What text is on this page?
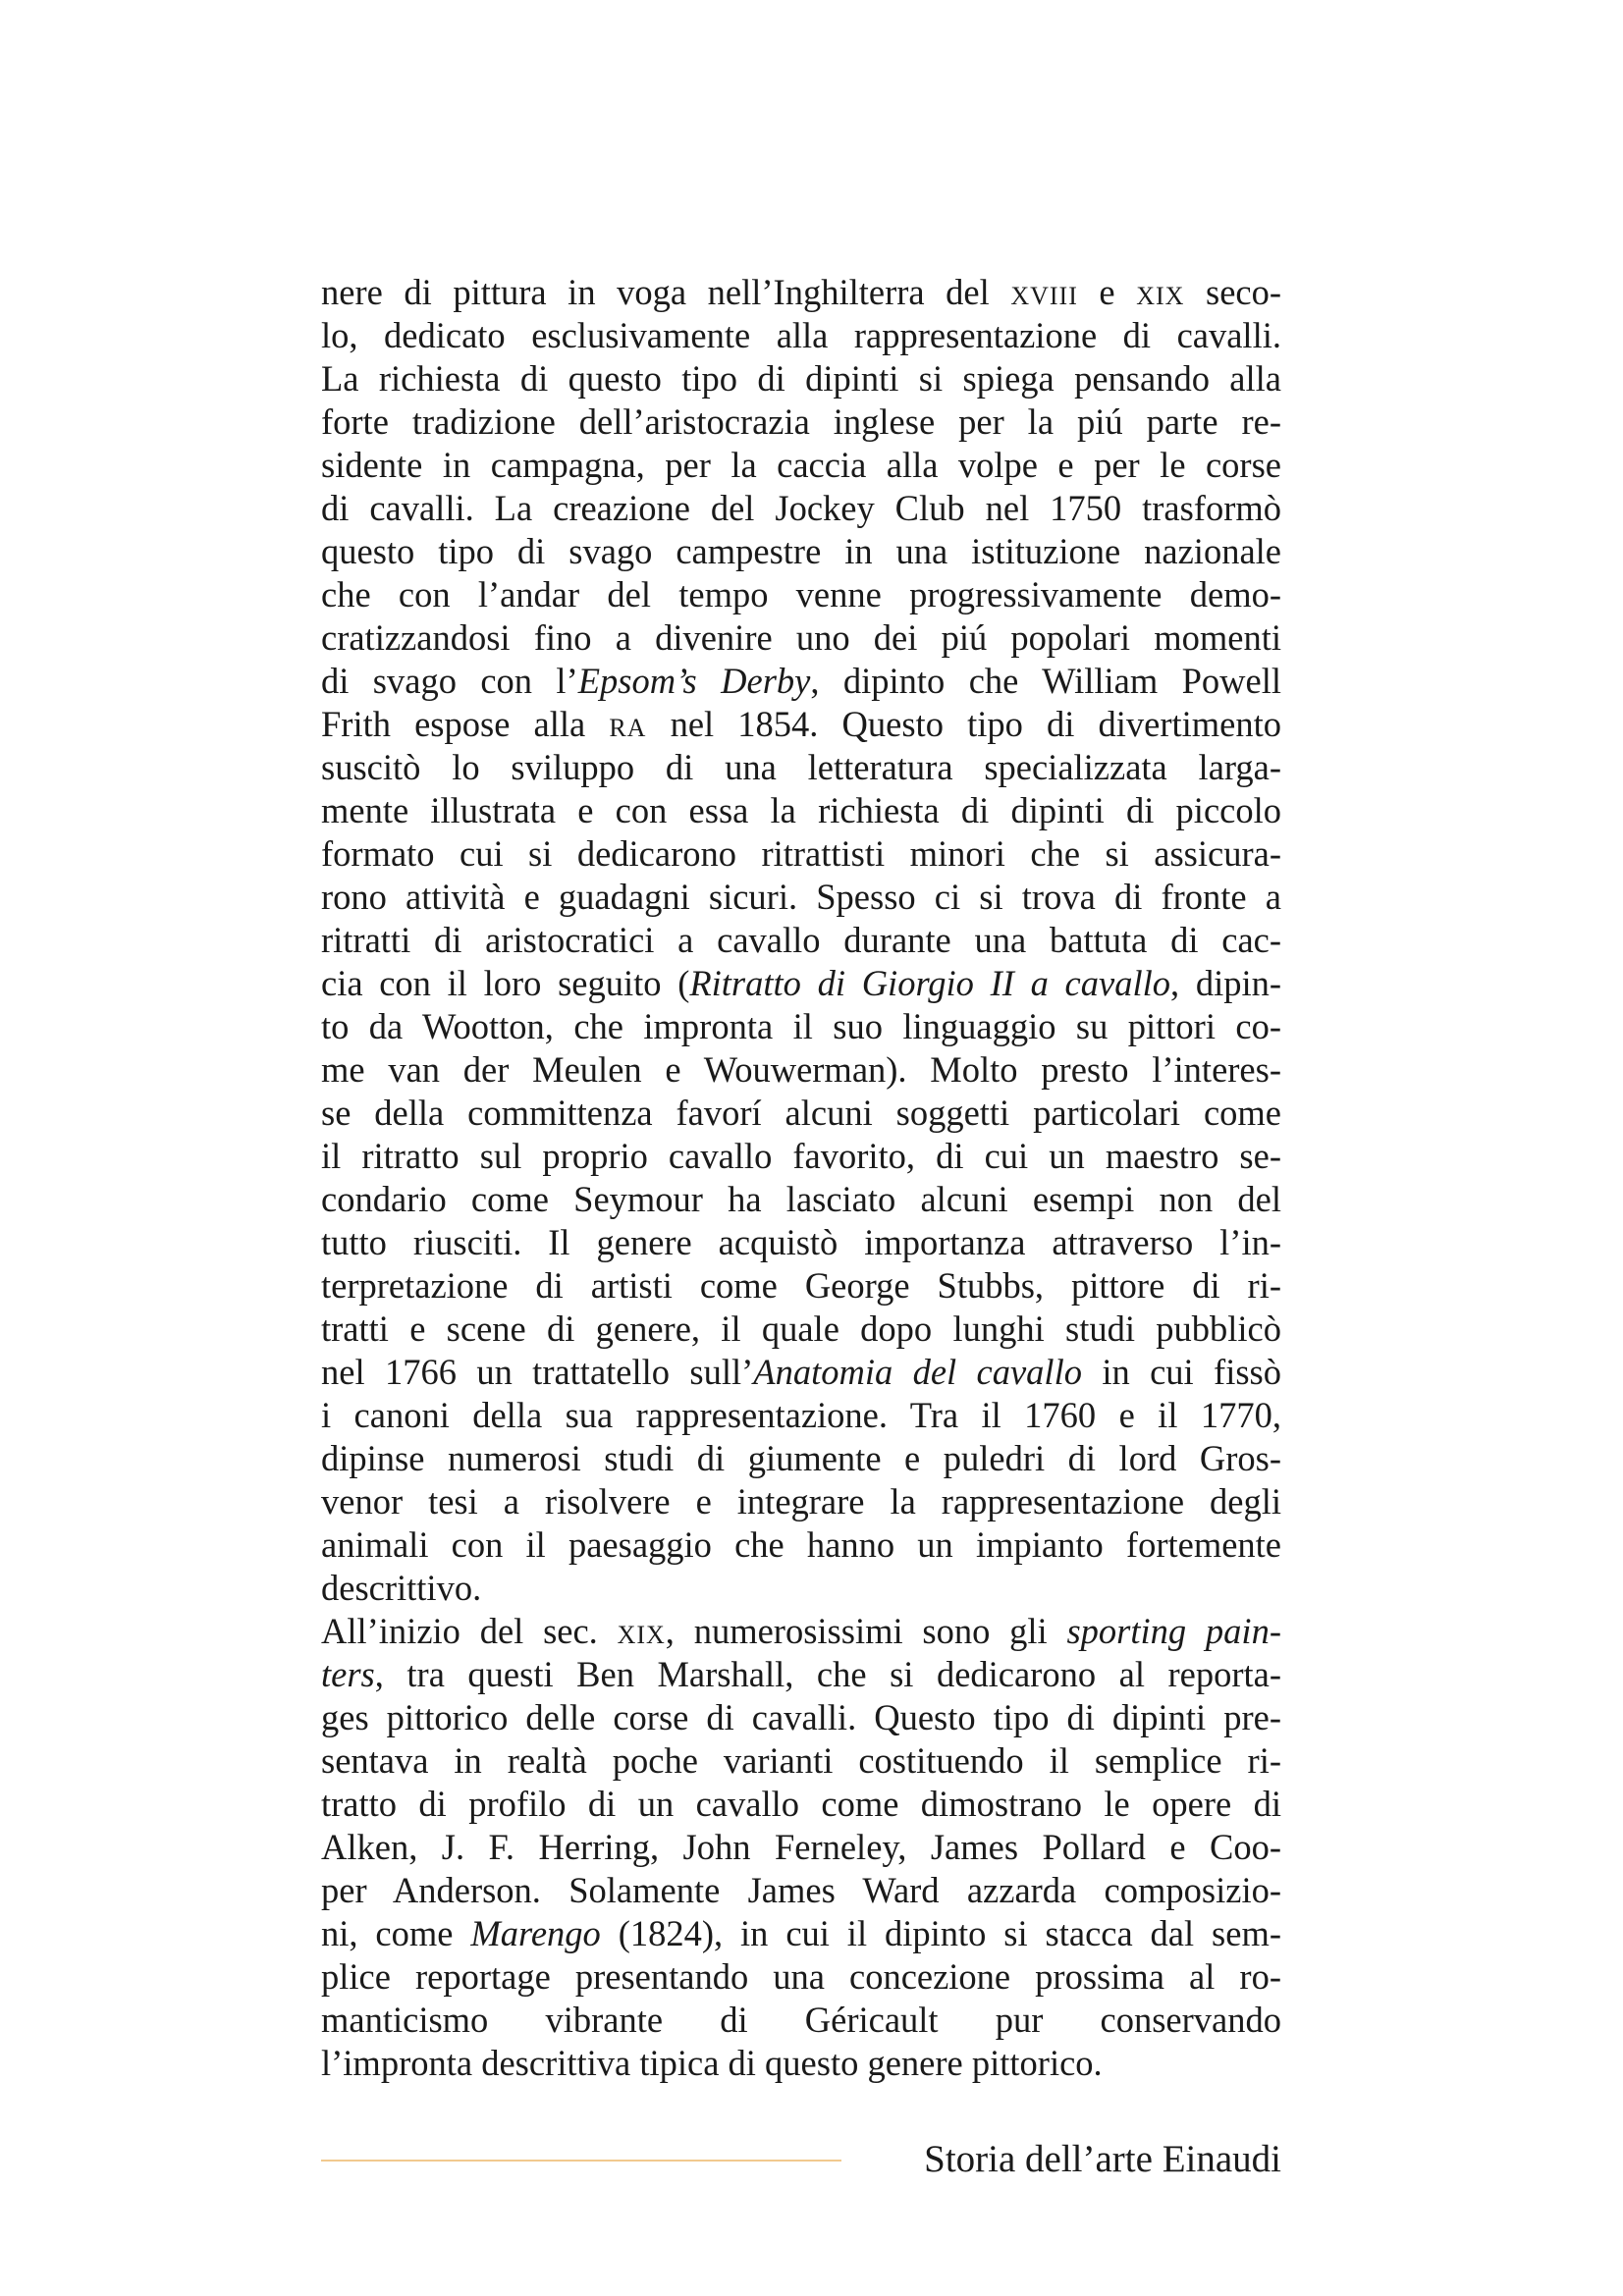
nere di pittura in voga nell’Inghilterra del xviii e xix seco-
lo, dedicato esclusivamente alla rappresentazione di cavalli.
La richiesta di questo tipo di dipinti si spiega pensando alla
forte tradizione dell’aristocrazia inglese per la piú parte re-
sidente in campagna, per la caccia alla volpe e per le corse
di cavalli. La creazione del Jockey Club nel 1750 trasformò
questo tipo di svago campestre in una istituzione nazionale
che con l’andar del tempo venne progressivamente demo-
cratizzandosi fino a divenire uno dei piú popolari momenti
di svago con l’Epsom’s Derby, dipinto che William Powell
Frith espose alla ra nel 1854. Questo tipo di divertimento
suscitò lo sviluppo di una letteratura specializzata larga-
mente illustrata e con essa la richiesta di dipinti di piccolo
formato cui si dedicarono ritrattisti minori che si assicura-
rono attività e guadagni sicuri. Spesso ci si trova di fronte a
ritratti di aristocratici a cavallo durante una battuta di cac-
cia con il loro seguito (Ritratto di Giorgio II a cavallo, dipin-
to da Wootton, che impronta il suo linguaggio su pittori co-
me van der Meulen e Wouwerman). Molto presto l’interes-
se della committenza favorí alcuni soggetti particolari come
il ritratto sul proprio cavallo favorito, di cui un maestro se-
condario come Seymour ha lasciato alcuni esempi non del
tutto riusciti. Il genere acquistò importanza attraverso l’in-
terpretazione di artisti come George Stubbs, pittore di ri-
tratti e scene di genere, il quale dopo lunghi studi pubblicò
nel 1766 un trattatello sull’Anatomia del cavallo in cui fissò
i canoni della sua rappresentazione. Tra il 1760 e il 1770,
dipinse numerosi studi di giumente e puledri di lord Gros-
venor tesi a risolvere e integrare la rappresentazione degli
animali con il paesaggio che hanno un impianto fortemente
descrittivo.
All’inizio del sec. xix, numerosissimi sono gli sporting pain-
ters, tra questi Ben Marshall, che si dedicarono al reporta-
ges pittorico delle corse di cavalli. Questo tipo di dipinti pre-
sentava in realtà poche varianti costituendo il semplice ri-
tratto di profilo di un cavallo come dimostrano le opere di
Alken, J. F. Herring, John Ferneley, James Pollard e Coo-
per Anderson. Solamente James Ward azzarda composizio-
ni, come Marengo (1824), in cui il dipinto si stacca dal sem-
plice reportage presentando una concezione prossima al ro-
manticismo vibrante di Géricault pur conservando
l’impronta descrittiva tipica di questo genere pittorico.
Storia dell’arte Einaudi
